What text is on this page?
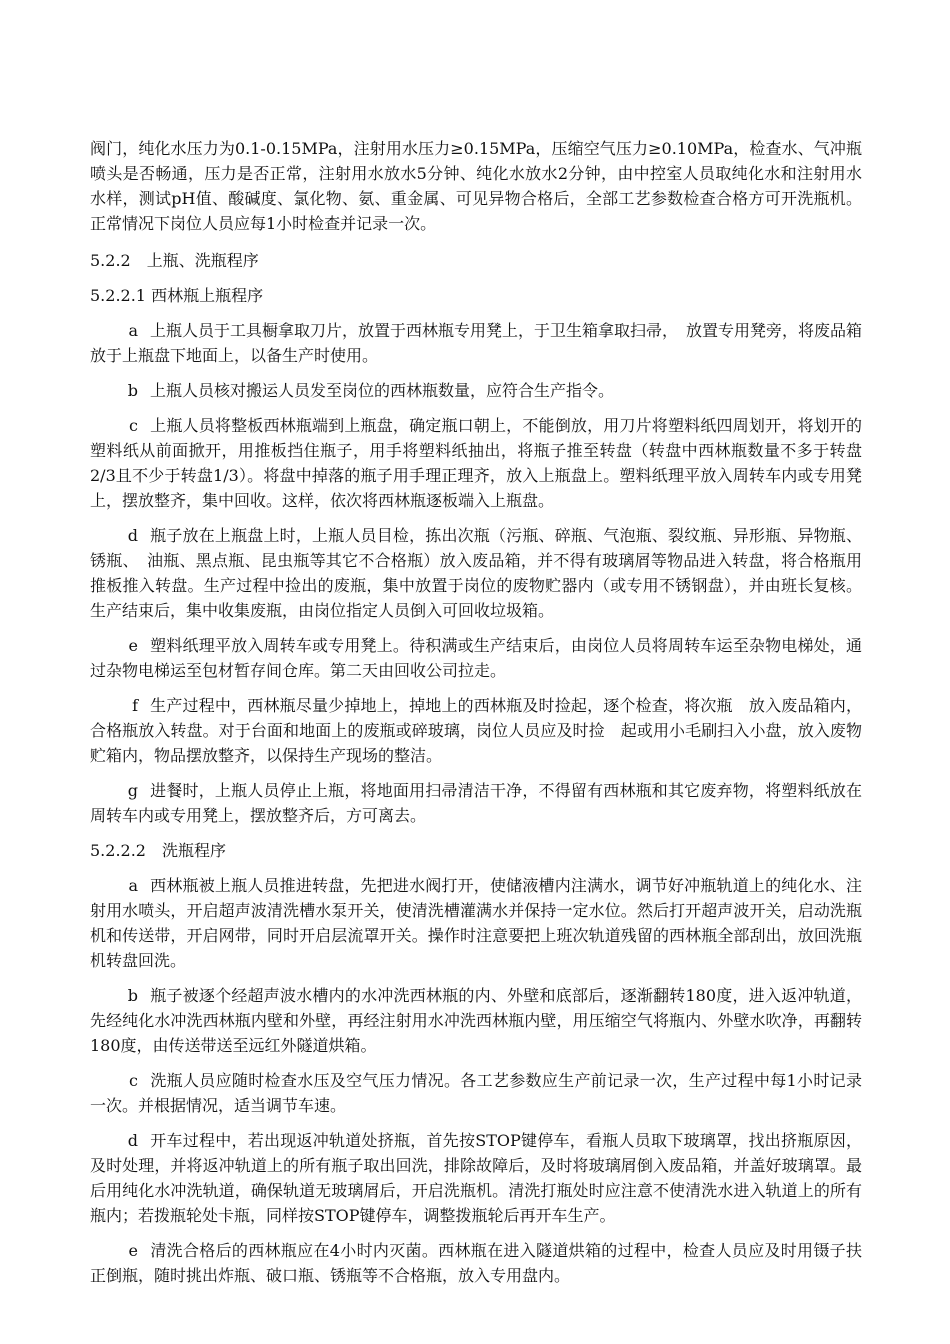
阀门，纯化水压力为0.1-0.15MPa，注射用水压力≥0.15MPa，压缩空气压力≥0.10MPa，检查水、气冲瓶喷头是否畅通，压力是否正常，注射用水放水5分钟、纯化水放水2分钟，由中控室人员取纯化水和注射用水水样，测试pH值、酸碱度、氯化物、氨、重金属、可见异物合格后，全部工艺参数检查合格方可开洗瓶机。正常情况下岗位人员应每1小时检查并记录一次。

5.2.2　上瓶、洗瓶程序

5.2.2.1 西林瓶上瓶程序

a 上瓶人员于工具橱拿取刀片，放置于西林瓶专用凳上，于卫生箱拿取扫帚，　放置专用凳旁，将废品箱放于上瓶盘下地面上，以备生产时使用。

b 上瓶人员核对搬运人员发至岗位的西林瓶数量，应符合生产指令。

c 上瓶人员将整板西林瓶端到上瓶盘，确定瓶口朝上，不能倒放，用刀片将塑料纸四周划开，将划开的塑料纸从前面掀开，用推板挡住瓶子，用手将塑料纸抽出，将瓶子推至转盘（转盘中西林瓶数量不多于转盘2/3且不少于转盘1/3）。将盘中掉落的瓶子用手理正理齐，放入上瓶盘上。塑料纸理平放入周转车内或专用凳上，摆放整齐，集中回收。这样，依次将西林瓶逐板端入上瓶盘。

d 瓶子放在上瓶盘上时，上瓶人员目检，拣出次瓶（污瓶、碎瓶、气泡瓶、裂纹瓶、异形瓶、异物瓶、锈瓶、　油瓶、黑点瓶、昆虫瓶等其它不合格瓶）放入废品箱，并不得有玻璃屑等物品进入转盘，将合格瓶用推板推入转盘。生产过程中捡出的废瓶，集中放置于岗位的废物贮器内（或专用不锈钢盘），并由班长复核。生产结束后，集中收集废瓶，由岗位指定人员倒入可回收垃圾箱。

e 塑料纸理平放入周转车或专用凳上。待积满或生产结束后，由岗位人员将周转车运至杂物电梯处，通过杂物电梯运至包材暂存间仓库。第二天由回收公司拉走。

f 生产过程中，西林瓶尽量少掉地上，掉地上的西林瓶及时捡起，逐个检查，将次瓶　放入废品箱内，合格瓶放入转盘。对于台面和地面上的废瓶或碎玻璃，岗位人员应及时捡　起或用小毛刷扫入小盘，放入废物贮箱内，物品摆放整齐，以保持生产现场的整洁。

g 进餐时，上瓶人员停止上瓶，将地面用扫帚清洁干净，不得留有西林瓶和其它废弃物，将塑料纸放在周转车内或专用凳上，摆放整齐后，方可离去。

5.2.2.2　洗瓶程序

a 西林瓶被上瓶人员推进转盘，先把进水阀打开，使储液槽内注满水，调节好冲瓶轨道上的纯化水、注射用水喷头，开启超声波清洗槽水泵开关，使清洗槽灌满水并保持一定水位。然后打开超声波开关，启动洗瓶机和传送带，开启网带，同时开启层流罩开关。操作时注意要把上班次轨道残留的西林瓶全部刮出，放回洗瓶机转盘回洗。

b 瓶子被逐个经超声波水槽内的水冲洗西林瓶的内、外壁和底部后，逐渐翻转180度，进入返冲轨道，先经纯化水冲洗西林瓶内壁和外壁，再经注射用水冲洗西林瓶内壁，用压缩空气将瓶内、外壁水吹净，再翻转180度，由传送带送至远红外隧道烘箱。

c 洗瓶人员应随时检查水压及空气压力情况。各工艺参数应生产前记录一次，生产过程中每1小时记录一次。并根据情况，适当调节车速。

d 开车过程中，若出现返冲轨道处挤瓶，首先按STOP键停车，看瓶人员取下玻璃罩，找出挤瓶原因，及时处理，并将返冲轨道上的所有瓶子取出回洗，排除故障后，及时将玻璃屑倒入废品箱，并盖好玻璃罩。最后用纯化水冲洗轨道，确保轨道无玻璃屑后，开启洗瓶机。清洗打瓶处时应注意不使清洗水进入轨道上的所有瓶内；若拨瓶轮处卡瓶，同样按STOP键停车，调整拨瓶轮后再开车生产。

e 清洗合格后的西林瓶应在4小时内灭菌。西林瓶在进入隧道烘箱的过程中，检查人员应及时用镊子扶正倒瓶，随时挑出炸瓶、破口瓶、锈瓶等不合格瓶，放入专用盘内。
